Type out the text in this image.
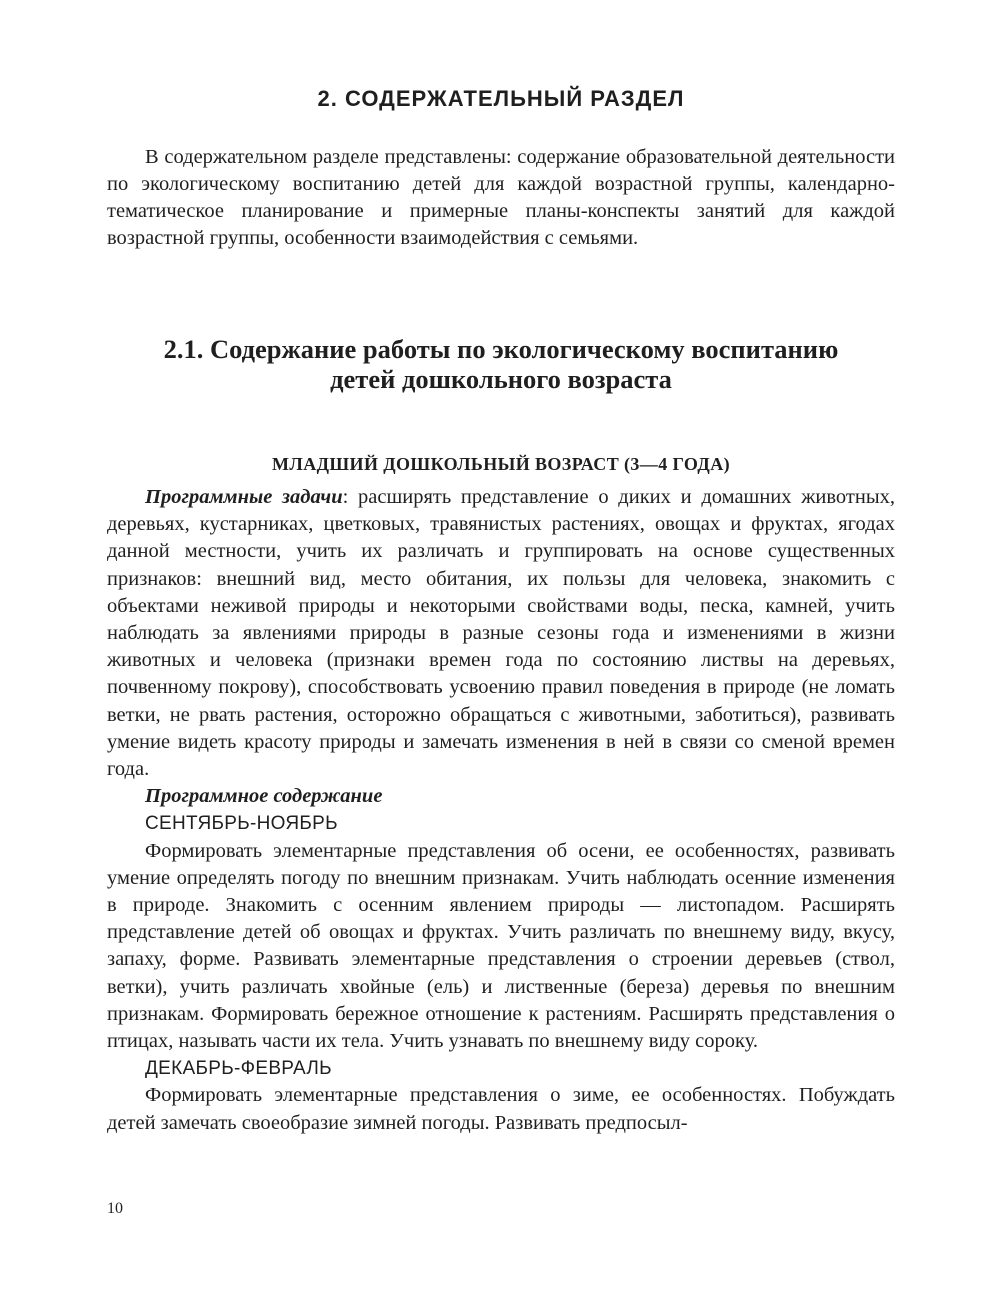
2. СОДЕРЖАТЕЛЬНЫЙ РАЗДЕЛ

В содержательном разделе представлены: содержание образовательной деятельности по экологическому воспитанию детей для каждой возрастной группы, календарно-тематическое планирование и примерные планы-конспекты занятий для каждой возрастной группы, особенности взаимодействия с семьями.

2.1. Содержание работы по экологическому воспитанию
детей дошкольного возраста
МЛАДШИЙ ДОШКОЛЬНЫЙ ВОЗРАСТ (3—4 ГОДА)

Программные задачи: расширять представление о диких и домашних животных, деревьях, кустарниках, цветковых, травянистых растениях, овощах и фруктах, ягодах данной местности, учить их различать и группировать на основе существенных признаков: внешний вид, место обитания, их пользы для человека, знакомить с объектами неживой природы и некоторыми свойствами воды, песка, камней, учить наблюдать за явлениями природы в разные сезоны года и изменениями в жизни животных и человека (признаки времен года по состоянию листвы на деревьях, почвенному покрову), способствовать усвоению правил поведения в природе (не ломать ветки, не рвать растения, осторожно обращаться с животными, заботиться), развивать умение видеть красоту природы и замечать изменения в ней в связи со сменой времен года.

Программное содержание

СЕНТЯБРЬ-НОЯБРЬ

Формировать элементарные представления об осени, ее особенностях, развивать умение определять погоду по внешним признакам. Учить наблюдать осенние изменения в природе. Знакомить с осенним явлением природы — листопадом. Расширять представление детей об овощах и фруктах. Учить различать по внешнему виду, вкусу, запаху, форме. Развивать элементарные представления о строении деревьев (ствол, ветки), учить различать хвойные (ель) и лиственные (береза) деревья по внешним признакам. Формировать бережное отношение к растениям. Расширять представления о птицах, называть части их тела. Учить узнавать по внешнему виду сороку.

ДЕКАБРЬ-ФЕВРАЛЬ

Формировать элементарные представления о зиме, ее особенностях. Побуждать детей замечать своеобразие зимней погоды. Развивать предпосыл-

10
